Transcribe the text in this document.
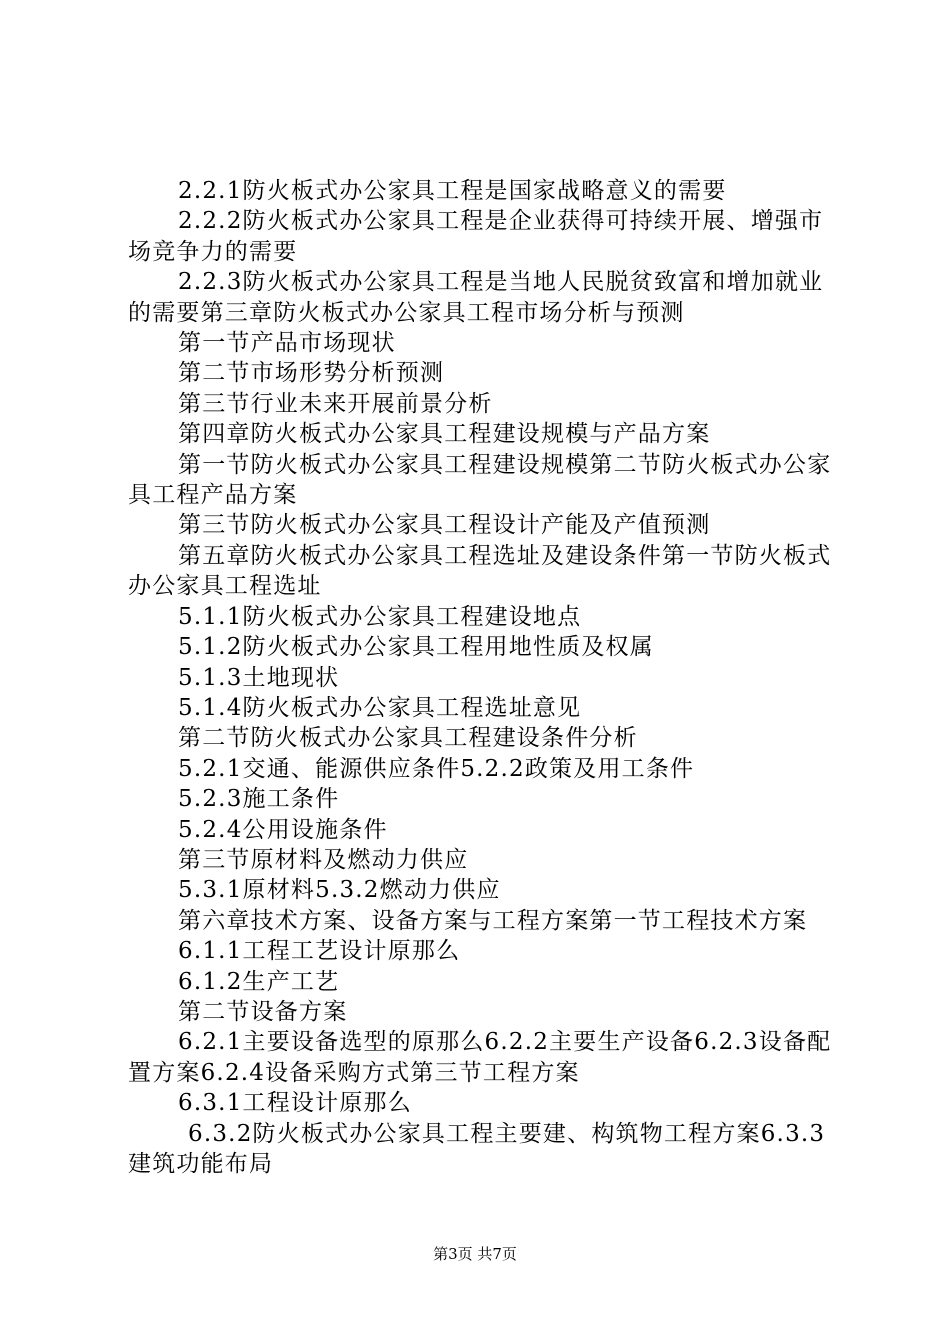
2.2.1防火板式办公家具工程是国家战略意义的需要

2.2.2防火板式办公家具工程是企业获得可持续开展、增强市场竞争力的需要

2.2.3防火板式办公家具工程是当地人民脱贫致富和增加就业的需要第三章防火板式办公家具工程市场分析与预测

第一节产品市场现状

第二节市场形势分析预测

第三节行业未来开展前景分析

第四章防火板式办公家具工程建设规模与产品方案

第一节防火板式办公家具工程建设规模第二节防火板式办公家具工程产品方案

第三节防火板式办公家具工程设计产能及产值预测

第五章防火板式办公家具工程选址及建设条件第一节防火板式办公家具工程选址

5.1.1防火板式办公家具工程建设地点

5.1.2防火板式办公家具工程用地性质及权属

5.1.3土地现状

5.1.4防火板式办公家具工程选址意见

第二节防火板式办公家具工程建设条件分析

5.2.1交通、能源供应条件5.2.2政策及用工条件

5.2.3施工条件

5.2.4公用设施条件

第三节原材料及燃动力供应

5.3.1原材料5.3.2燃动力供应

第六章技术方案、设备方案与工程方案第一节工程技术方案

6.1.1工程工艺设计原那么

6.1.2生产工艺

第二节设备方案

6.2.1主要设备选型的原那么6.2.2主要生产设备6.2.3设备配置方案6.2.4设备采购方式第三节工程方案

6.3.1工程设计原那么

6.3.2防火板式办公家具工程主要建、构筑物工程方案6.3.3建筑功能布局

第3页 共7页
